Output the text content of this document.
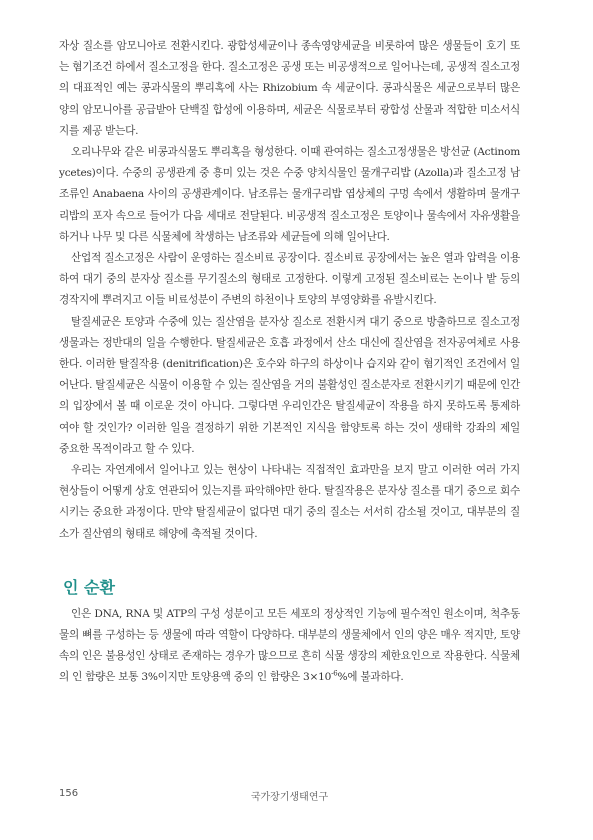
자상 질소를 암모니아로 전환시킨다. 광합성세균이나 종속영양세균을 비롯하여 많은 생물들이 호기 또는 혐기조건 하에서 질소고정을 한다. 질소고정은 공생 또는 비공생적으로 일어나는데, 공생적 질소고정의 대표적인 예는 콩과식물의 뿌리혹에 사는 Rhizobium 속 세균이다. 콩과식물은 세균으로부터 많은 양의 암모니아를 공급받아 단백질 합성에 이용하며, 세균은 식물로부터 광합성 산물과 적합한 미소서식지를 제공 받는다.

오리나무와 같은 비콩과식물도 뿌리혹을 형성한다. 이때 관여하는 질소고정생물은 방선균 (Actinomycetes)이다. 수중의 공생관계 중 흥미 있는 것은 수중 양치식물인 물개구리밥 (Azolla)과 질소고정 남조류인 Anabaena 사이의 공생관계이다. 남조류는 물개구리밥 엽상체의 구멍 속에서 생활하며 물개구리밥의 포자 속으로 들어가 다음 세대로 전달된다. 비공생적 질소고정은 토양이나 물속에서 자유생활을 하거나 나무 및 다른 식물체에 착생하는 남조류와 세균들에 의해 일어난다.

산업적 질소고정은 사람이 운영하는 질소비료 공장이다. 질소비료 공장에서는 높은 열과 압력을 이용하여 대기 중의 분자상 질소를 무기질소의 형태로 고정한다. 이렇게 고정된 질소비료는 논이나 밭 등의 경작지에 뿌려지고 이들 비료성분이 주변의 하천이나 토양의 부영양화를 유발시킨다.

탈질세균은 토양과 수중에 있는 질산염을 분자상 질소로 전환시켜 대기 중으로 방출하므로 질소고정생물과는 정반대의 일을 수행한다. 탈질세균은 호흡 과정에서 산소 대신에 질산염을 전자공여체로 사용한다. 이러한 탈질작용 (denitrification)은 호수와 하구의 하상이나 습지와 같이 혐기적인 조건에서 일어난다. 탈질세균은 식물이 이용할 수 있는 질산염을 거의 불활성인 질소분자로 전환시키기 때문에 인간의 입장에서 볼 때 이로운 것이 아니다. 그렇다면 우리인간은 탈질세균이 작용을 하지 못하도록 통제하여야 할 것인가? 이러한 일을 결정하기 위한 기본적인 지식을 함양토록 하는 것이 생태학 강좌의 제일 중요한 목적이라고 할 수 있다.

우리는 자연계에서 일어나고 있는 현상이 나타내는 직접적인 효과만을 보지 말고 이러한 여러 가지 현상들이 어떻게 상호 연관되어 있는지를 파악해야만 한다. 탈질작용은 분자상 질소를 대기 중으로 회수시키는 중요한 과정이다. 만약 탈질세균이 없다면 대기 중의 질소는 서서히 감소될 것이고, 대부분의 질소가 질산염의 형태로 해양에 축적될 것이다.

인 순환

인은 DNA, RNA 및 ATP의 구성 성분이고 모든 세포의 정상적인 기능에 필수적인 원소이며, 척추동물의 뼈를 구성하는 등 생물에 따라 역할이 다양하다. 대부분의 생물체에서 인의 양은 매우 적지만, 토양 속의 인은 불용성인 상태로 존재하는 경우가 많으므로 흔히 식물 생장의 제한요인으로 작용한다. 식물체의 인 함량은 보통 3%이지만 토양용액 중의 인 함량은 $3\times 10^{-6}\%$에 불과하다.

156	국가장기생태연구
